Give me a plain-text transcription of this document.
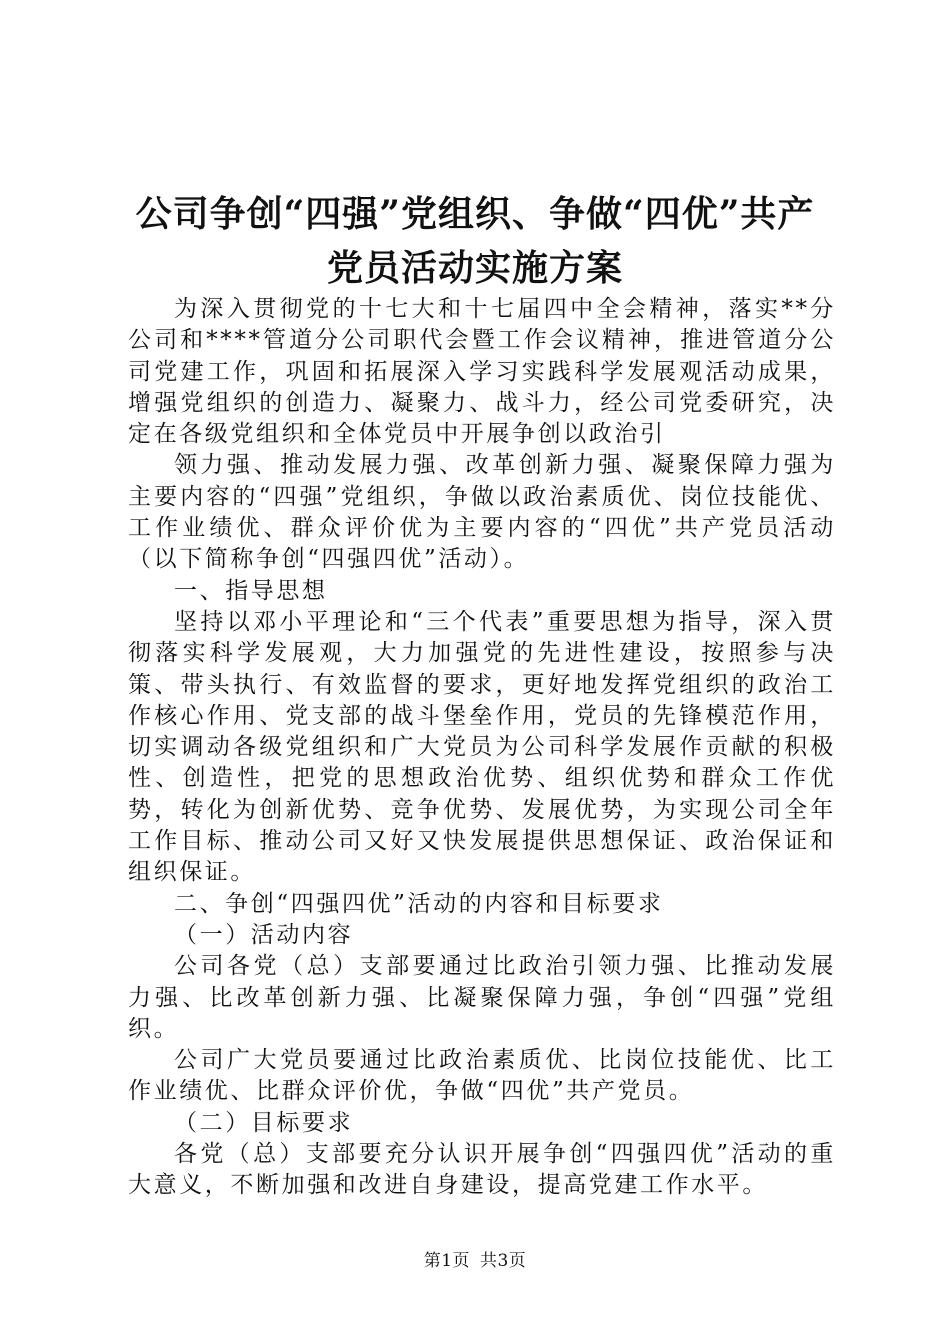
公司争创“四强”党组织、争做“四优”共产
党员活动实施方案

为深入贯彻党的十七大和十七届四中全会精神，落实**分公司和****管道分公司职代会暨工作会议精神，推进管道分公司党建工作，巩固和拓展深入学习实践科学发展观活动成果，增强党组织的创造力、凝聚力、战斗力，经公司党委研究，决定在各级党组织和全体党员中开展争创以政治引

领力强、推动发展力强、改革创新力强、凝聚保障力强为主要内容的“四强”党组织，争做以政治素质优、岗位技能优、工作业绩优、群众评价优为主要内容的“四优”共产党员活动（以下简称争创“四强四优”活动）。

一、指导思想

坚持以邓小平理论和“三个代表”重要思想为指导，深入贯彻落实科学发展观，大力加强党的先进性建设，按照参与决策、带头执行、有效监督的要求，更好地发挥党组织的政治工作核心作用、党支部的战斗堡垒作用，党员的先锋模范作用，切实调动各级党组织和广大党员为公司科学发展作贡献的积极性、创造性，把党的思想政治优势、组织优势和群众工作优势，转化为创新优势、竞争优势、发展优势，为实现公司全年工作目标、推动公司又好又快发展提供思想保证、政治保证和组织保证。

二、争创“四强四优”活动的内容和目标要求

（一）活动内容

公司各党（总）支部要通过比政治引领力强、比推动发展力强、比改革创新力强、比凝聚保障力强，争创“四强”党组织。

公司广大党员要通过比政治素质优、比岗位技能优、比工作业绩优、比群众评价优，争做“四优”共产党员。

（二）目标要求

各党（总）支部要充分认识开展争创“四强四优”活动的重大意义，不断加强和改进自身建设，提高党建工作水平。

第1页 共3页
